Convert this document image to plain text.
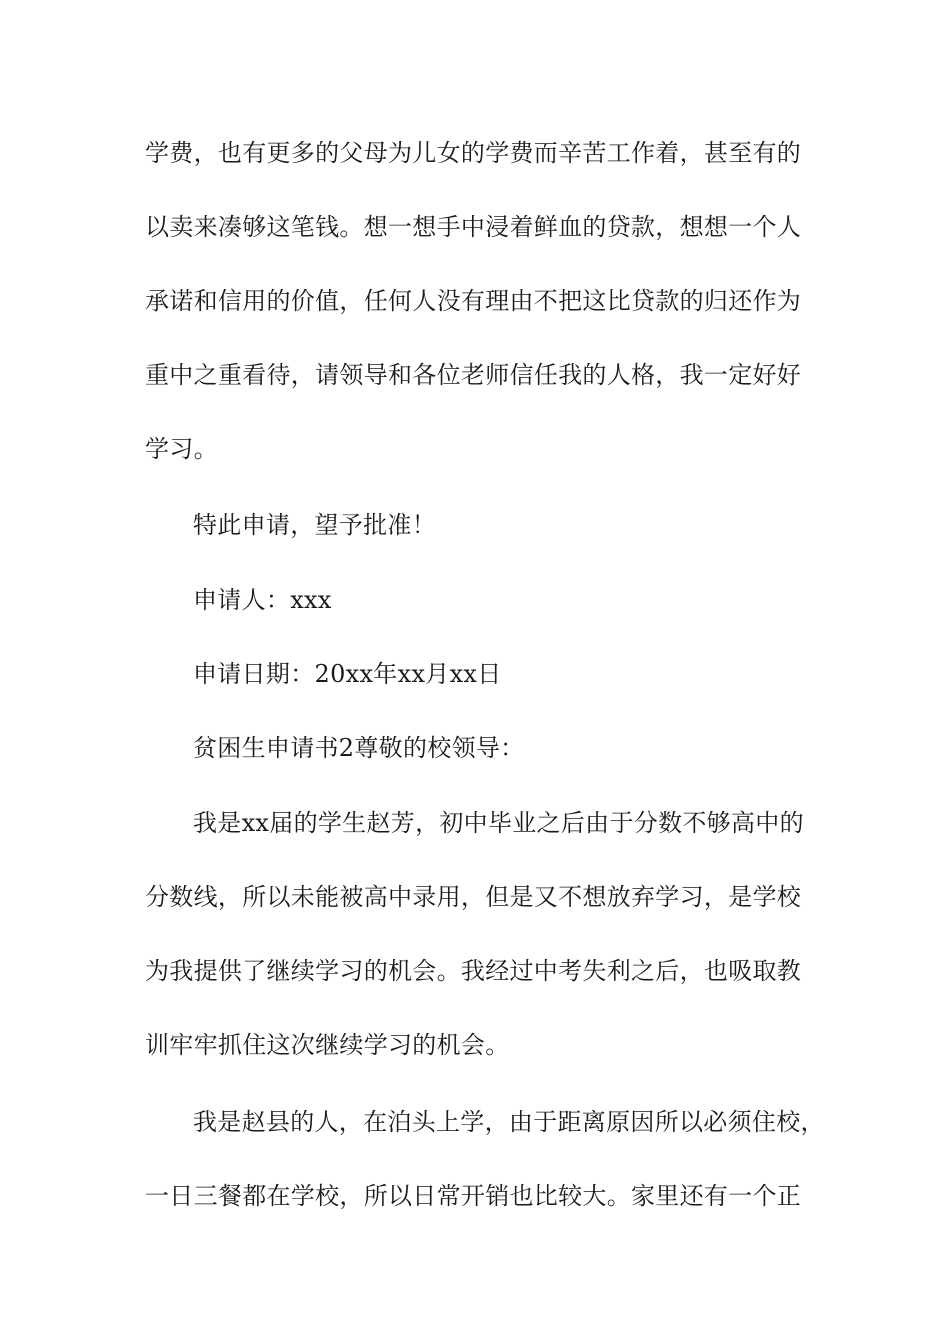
学费，也有更多的父母为儿女的学费而辛苦工作着，甚至有的
以卖来凑够这笔钱。想一想手中浸着鲜血的贷款，想想一个人
承诺和信用的价值，任何人没有理由不把这比贷款的归还作为
重中之重看待，请领导和各位老师信任我的人格，我一定好好
学习。
特此申请，望予批准！
申请人：xxx
申请日期：20xx年xx月xx日
贫困生申请书2尊敬的校领导：
我是xx届的学生赵芳，初中毕业之后由于分数不够高中的
分数线，所以未能被高中录用，但是又不想放弃学习，是学校
为我提供了继续学习的机会。我经过中考失利之后，也吸取教
训牢牢抓住这次继续学习的机会。
我是赵县的人，在泊头上学，由于距离原因所以必须住校，
一日三餐都在学校，所以日常开销也比较大。家里还有一个正
